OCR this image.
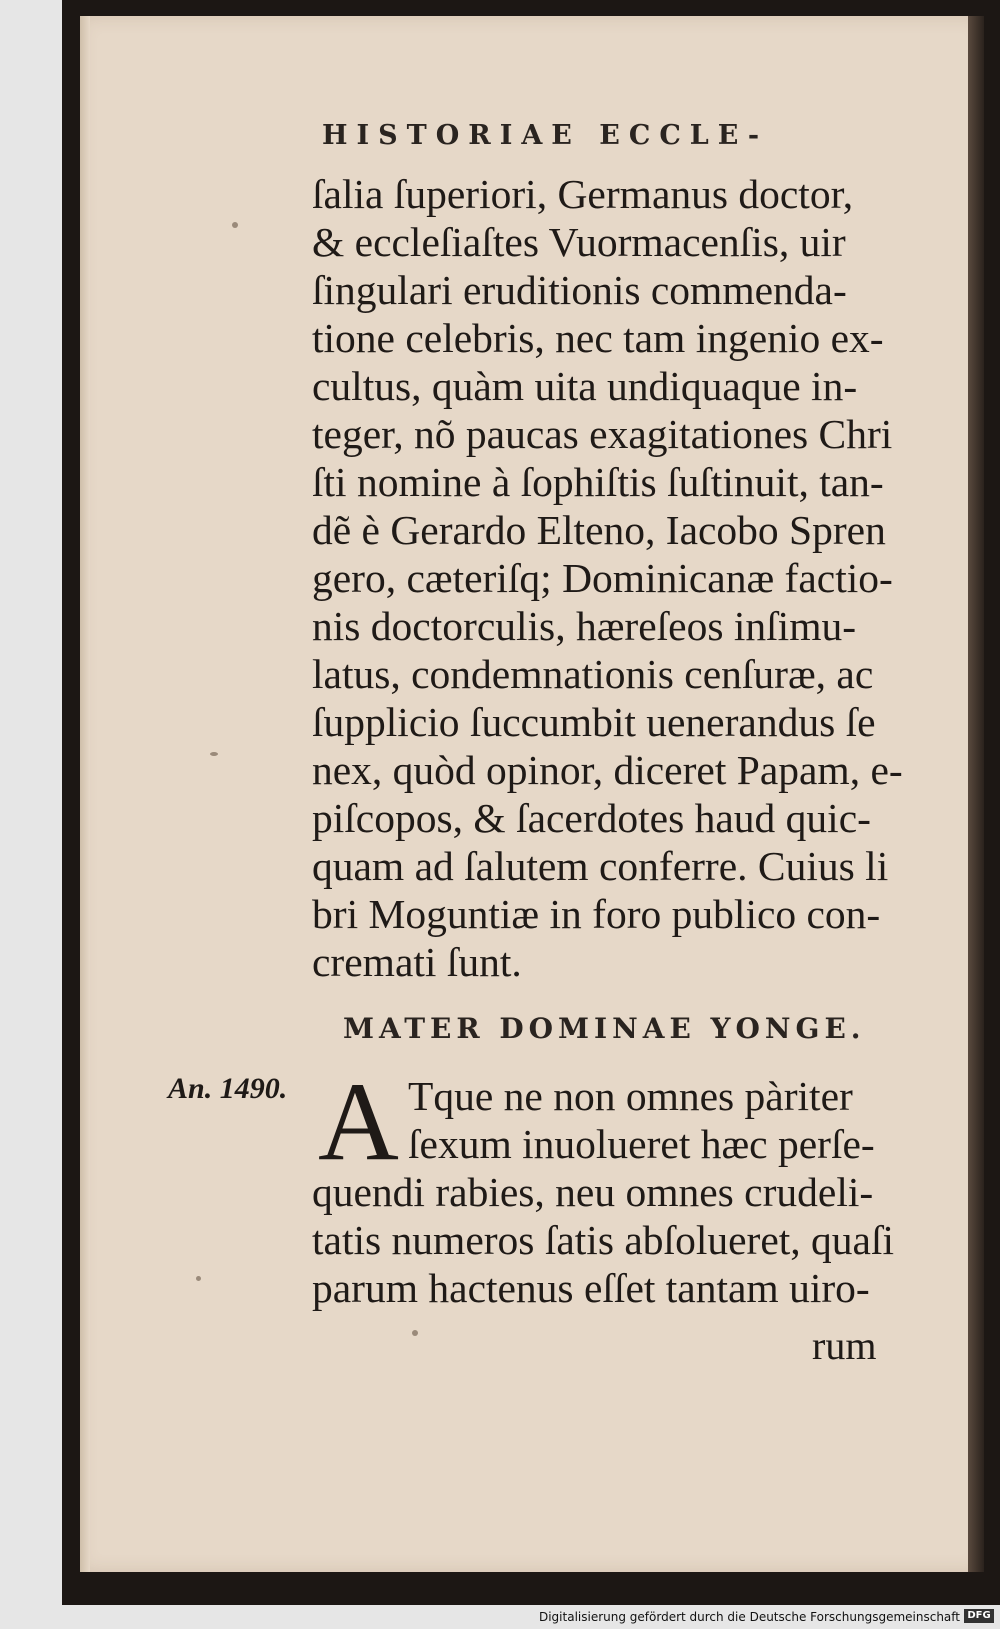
HISTORIAE ECCLE-
ſalia ſuperiori, Germanus doctor,
& eccleſiaſtes Vuormacenſis, uir
ſingulari eruditionis commenda-
tione celebris, nec tam ingenio ex-
cultus, quàm uita undiquaque in-
teger, nõ paucas exagitationes Chri
ſti nomine à ſophiſtis ſuſtinuit, tan-
dẽ è Gerardo Elteno, Iacobo Spren
gero, cæteriſq; Dominicanæ factio-
nis doctorculis, hæreſeos inſimu-
latus, condemnationis cenſuræ, ac
ſupplicio ſuccumbit uenerandus ſe
nex, quòd opinor, diceret Papam, e-
piſcopos, & ſacerdotes haud quic-
quam ad ſalutem conferre. Cuius li
bri Moguntiæ in foro publico con-
cremati ſunt.
MATER DOMINAE YONGE.
An. 1490. A Tque ne non omnes pàriter
ſexum inuolueret hæc perſe-
quendi rabies, neu omnes crudeli-
tatis numeros ſatis abſolueret, quaſi
parum hactenus eſſet tantam uiro-
rum
Digitalisierung gefördert durch die Deutsche Forschungsgemeinschaft DFG
